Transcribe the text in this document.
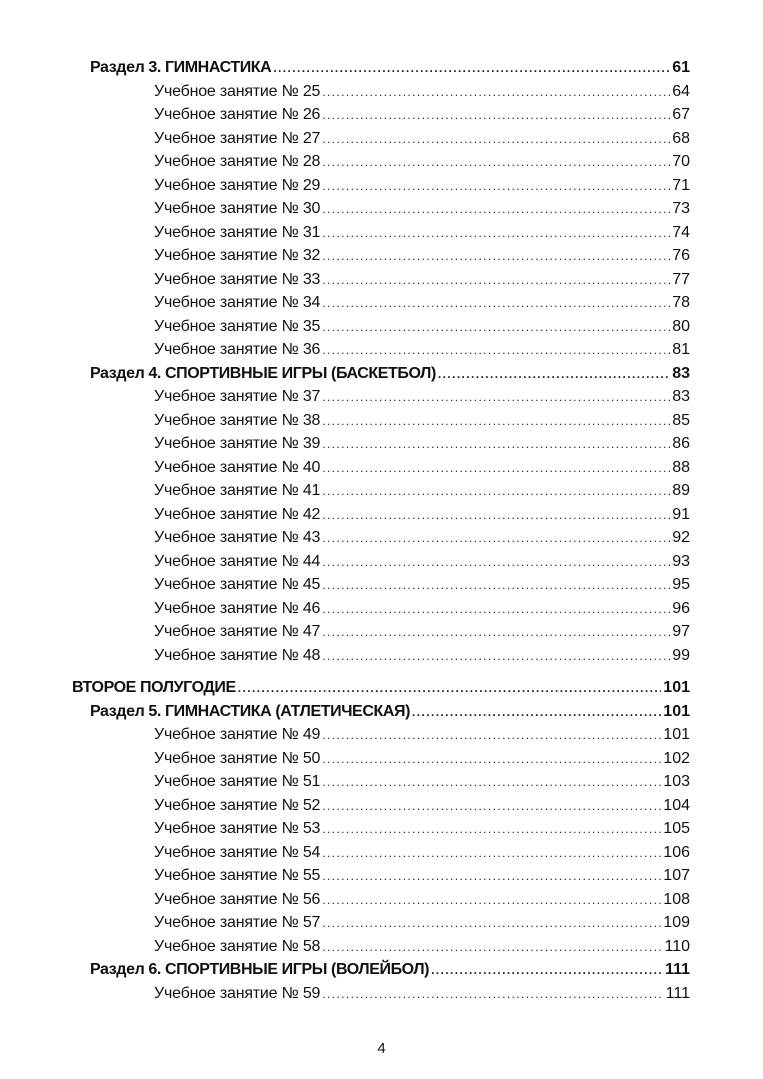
Раздел 3. ГИМНАСТИКА .....	61
Учебное занятие № 25 .....	64
Учебное занятие № 26 .....	67
Учебное занятие № 27 .....	68
Учебное занятие № 28 .....	70
Учебное занятие № 29 .....	71
Учебное занятие № 30 .....	73
Учебное занятие № 31 .....	74
Учебное занятие № 32 .....	76
Учебное занятие № 33 .....	77
Учебное занятие № 34 .....	78
Учебное занятие № 35 .....	80
Учебное занятие № 36 .....	81
Раздел 4. СПОРТИВНЫЕ ИГРЫ (БАСКЕТБОЛ) .....	83
Учебное занятие № 37 .....	83
Учебное занятие № 38 .....	85
Учебное занятие № 39 .....	86
Учебное занятие № 40 .....	88
Учебное занятие № 41 .....	89
Учебное занятие № 42 .....	91
Учебное занятие № 43 .....	92
Учебное занятие № 44 .....	93
Учебное занятие № 45 .....	95
Учебное занятие № 46 .....	96
Учебное занятие № 47 .....	97
Учебное занятие № 48 .....	99
ВТОРОЕ ПОЛУГОДИЕ .....	101
Раздел 5. ГИМНАСТИКА (АТЛЕТИЧЕСКАЯ) .....	101
Учебное занятие № 49 .....	101
Учебное занятие № 50 .....	102
Учебное занятие № 51 .....	103
Учебное занятие № 52 .....	104
Учебное занятие № 53 .....	105
Учебное занятие № 54 .....	106
Учебное занятие № 55 .....	107
Учебное занятие № 56 .....	108
Учебное занятие № 57 .....	109
Учебное занятие № 58 .....	110
Раздел 6. СПОРТИВНЫЕ ИГРЫ (ВОЛЕЙБОЛ) .....	111
Учебное занятие № 59 .....	111
4
